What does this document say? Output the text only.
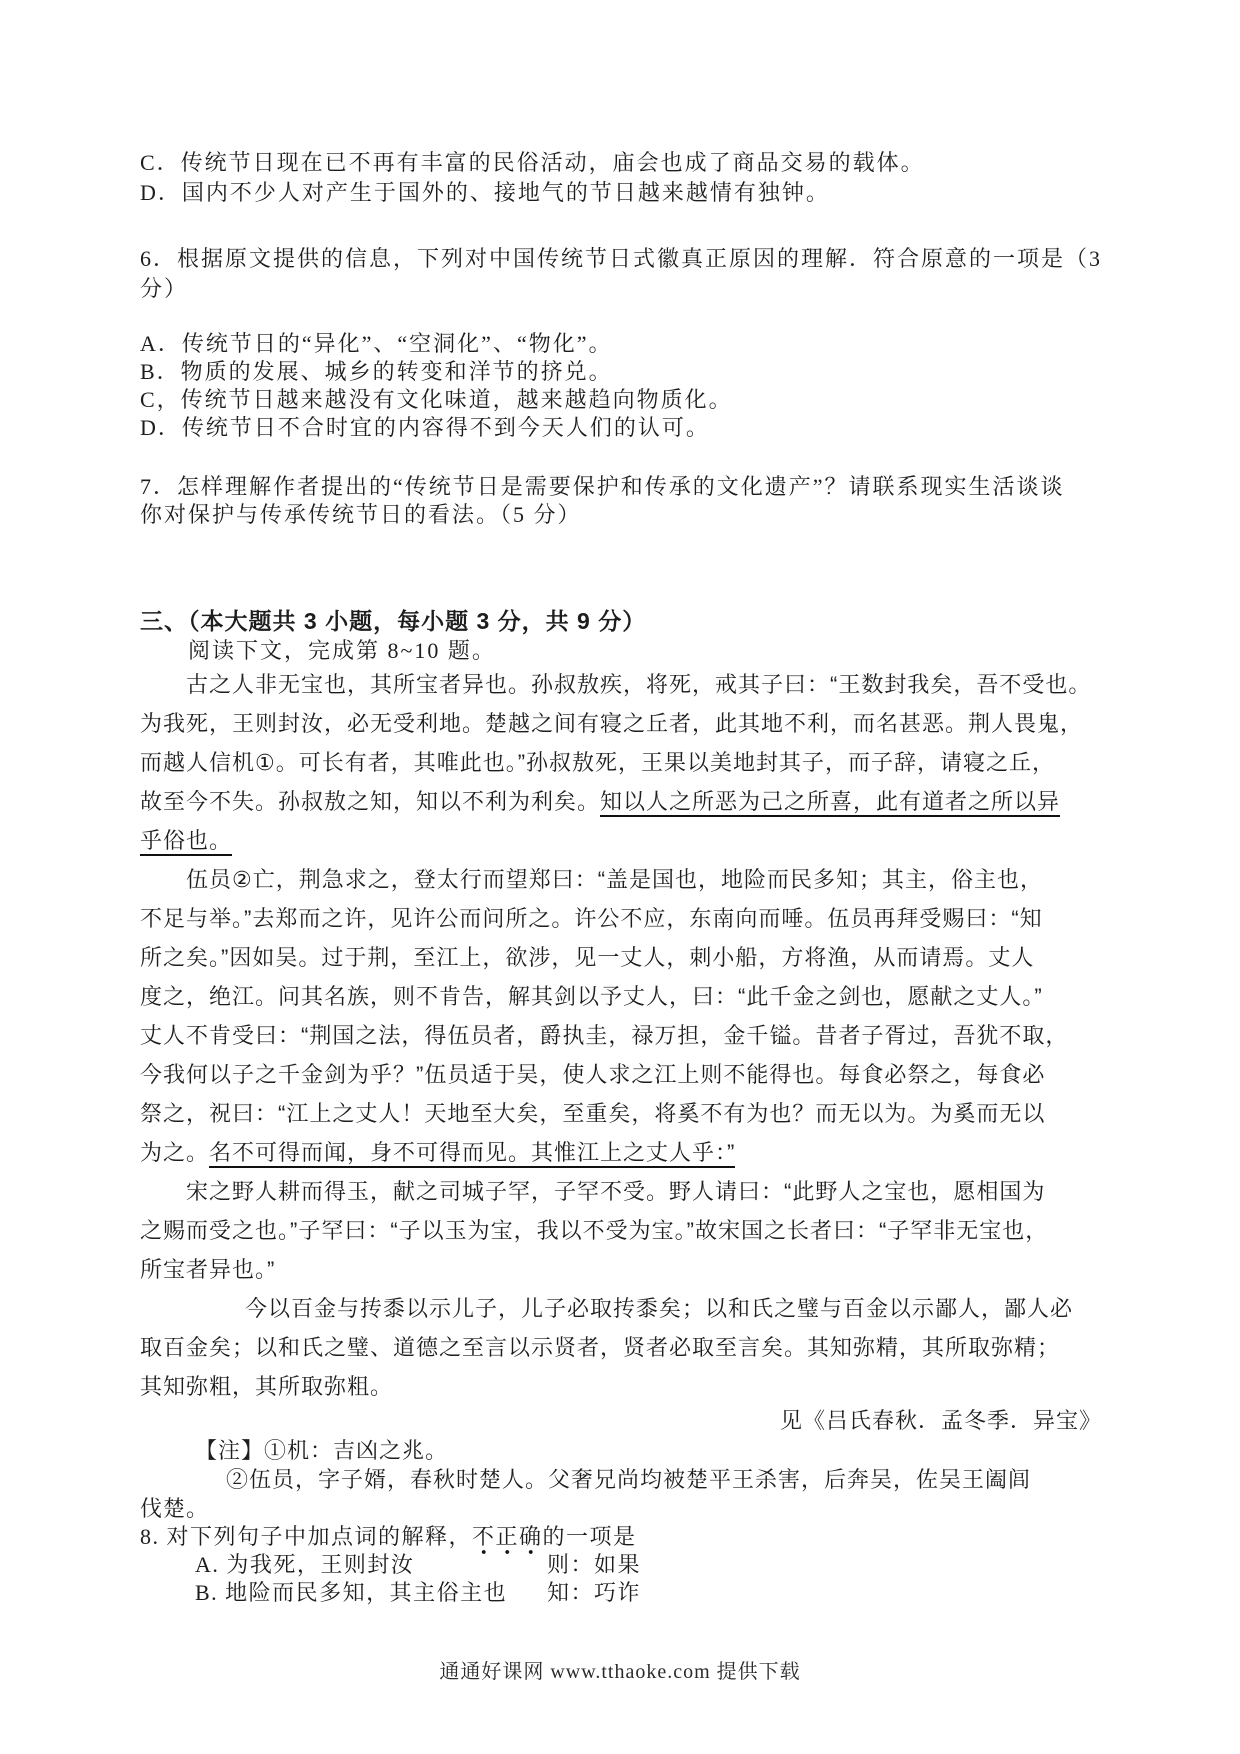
C．传统节日现在已不再有丰富的民俗活动，庙会也成了商品交易的载体。
D．国内不少人对产生于国外的、接地气的节日越来越情有独钟。
6．根据原文提供的信息，下列对中国传统节日式徽真正原因的理解．符合原意的一项是（3
分）
A．传统节日的“异化”、“空洞化”、“物化”。
B．物质的发展、城乡的转变和洋节的挤兑。
C，传统节日越来越没有文化味道，越来越趋向物质化。
D．传统节日不合时宜的内容得不到今天人们的认可。
7．怎样理解作者提出的“传统节日是需要保护和传承的文化遗产”？请联系现实生活谈谈
你对保护与传承传统节日的看法。（5 分）
三、（本大题共 3 小题，每小题 3 分，共 9 分）
阅读下文，完成第 8~10 题。
古之人非无宝也，其所宝者异也。孙叔敖疾，将死，戒其子曰：“王数封我矣，吾不受也。
为我死，王则封汝，必无受利地。楚越之间有寝之丘者，此其地不利，而名甚恶。荆人畏鬼，
而越人信机①。可长有者，其唯此也。”孙叔敖死，王果以美地封其子，而子辞，请寝之丘，
故至今不失。孙叔敖之知，知以不利为利矣。知以人之所恶为己之所喜，此有道者之所以异
乎俗也。
伍员②亡，荆急求之，登太行而望郑曰：“盖是国也，地险而民多知；其主，俗主也，
不足与举。”去郑而之许，见许公而问所之。许公不应，东南向而唾。伍员再拜受赐曰：“知
所之矣。”因如吴。过于荆，至江上，欲涉，见一丈人，刺小船，方将渔，从而请焉。丈人
度之，绝江。问其名族，则不肯告，解其剑以予丈人，曰：“此千金之剑也，愿献之丈人。”
丈人不肯受曰：“荆国之法，得伍员者，爵执圭，禄万担，金千镒。昔者子胥过，吾犹不取，
今我何以子之千金剑为乎？”伍员适于吴，使人求之江上则不能得也。每食必祭之，每食必
祭之，祝曰：“江上之丈人！天地至大矣，至重矣，将奚不有为也？而无以为。为奚而无以
为之。名不可得而闻，身不可得而见。其惟江上之丈人乎：”
宋之野人耕而得玉，献之司城子罕，子罕不受。野人请曰：“此野人之宝也，愿相国为
之赐而受之也。”子罕曰：“子以玉为宝，我以不受为宝。”故宋国之长者曰：“子罕非无宝也，
所宝者异也。”
今以百金与抟黍以示儿子，儿子必取抟黍矣；以和氏之璧与百金以示鄙人，鄙人必
取百金矣；以和氏之璧、道德之至言以示贤者，贤者必取至言矣。其知弥精，其所取弥精；
其知弥粗，其所取弥粗。
见《吕氏春秋．孟冬季．异宝》
【注】①机：吉凶之兆。
②伍员，字子婿，春秋时楚人。父奢兄尚均被楚平王杀害，后奔吴，佐吴王阖闾
伐楚。
8. 对下列句子中加点词的解释，不正确的一项是
A. 为我死，王则封汝	则：如果
B. 地险而民多知，其主俗主也	知：巧诈
通通好课网 www.tthaoke.com 提供下载
